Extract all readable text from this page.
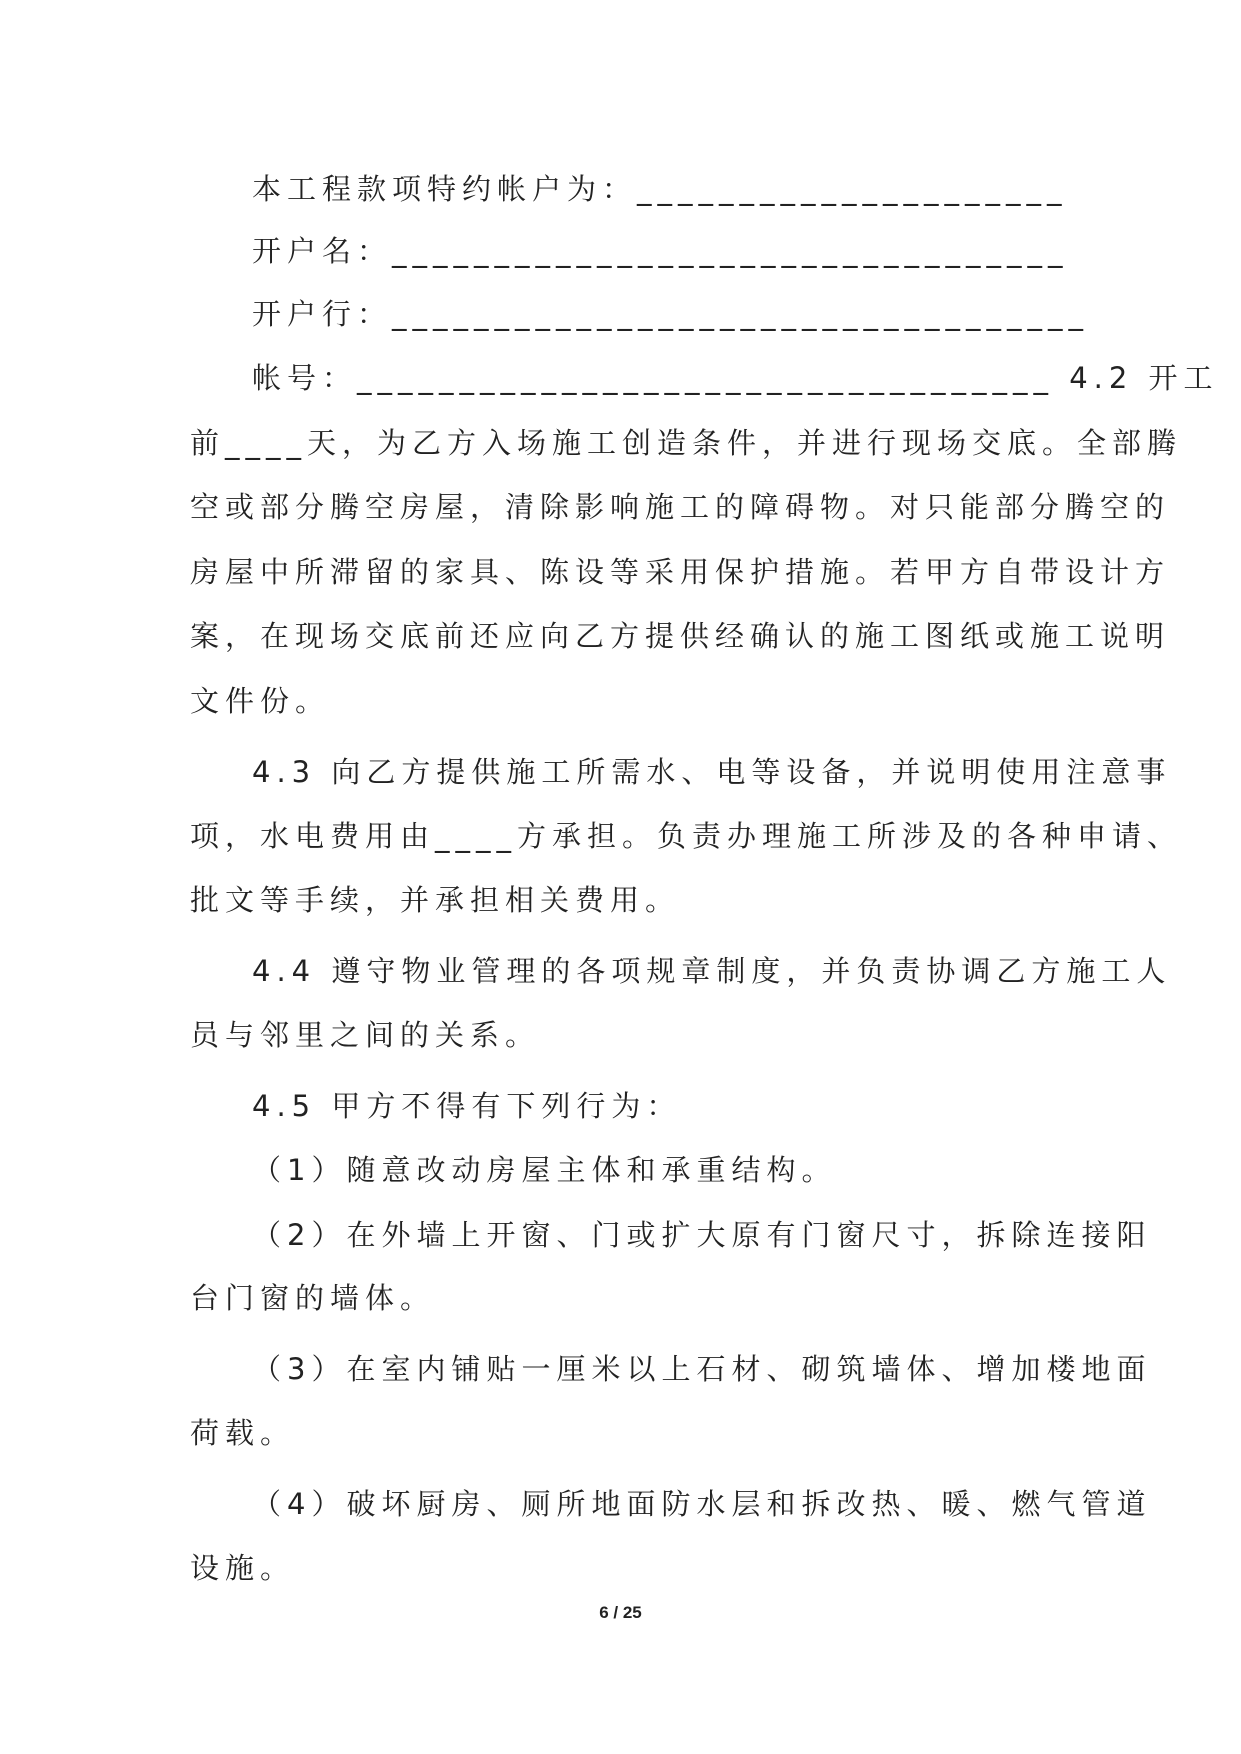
本工程款项特约帐户为：_____________________
开户名：_________________________________
开户行：__________________________________
帐号：__________________________________ 4.2 开工
前____天，为乙方入场施工创造条件，并进行现场交底。全部腾
空或部分腾空房屋，清除影响施工的障碍物。对只能部分腾空的
房屋中所滞留的家具、陈设等采用保护措施。若甲方自带设计方
案，在现场交底前还应向乙方提供经确认的施工图纸或施工说明
文件份。
4.3 向乙方提供施工所需水、电等设备，并说明使用注意事
项，水电费用由____方承担。负责办理施工所涉及的各种申请、
批文等手续，并承担相关费用。
4.4 遵守物业管理的各项规章制度，并负责协调乙方施工人
员与邻里之间的关系。
4.5 甲方不得有下列行为：
（1）随意改动房屋主体和承重结构。
（2）在外墙上开窗、门或扩大原有门窗尺寸，拆除连接阳
台门窗的墙体。
（3）在室内铺贴一厘米以上石材、砌筑墙体、增加楼地面
荷载。
（4）破坏厨房、厕所地面防水层和拆改热、暖、燃气管道
设施。
6 / 25
